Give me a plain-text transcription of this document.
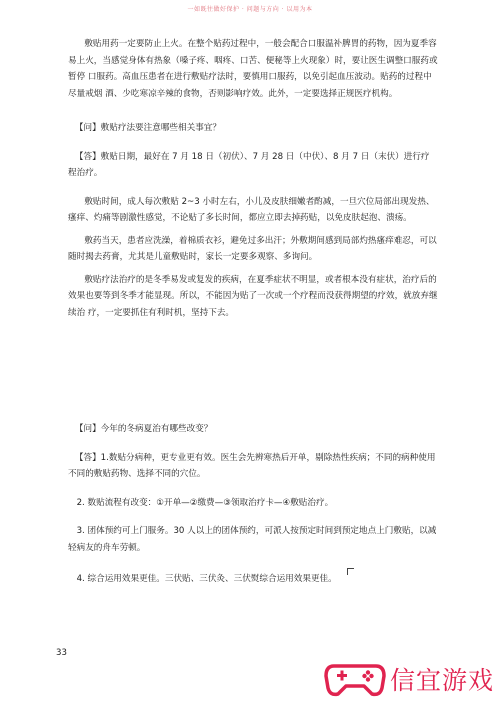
一如既往做好保护 · 问题与方向 · 以用为本

敷贴用药一定要防止上火。在整个贴药过程中，一般会配合口服温补脾胃的药物，因为夏季容易上火，当感觉身体有热象（嗓子疼、咽疼、口苦、便秘等上火现象）时，要让医生调整口服药或暂停 口服药。高血压患者在进行敷贴疗法时，要慎用口服药，以免引起血压波动。贴药的过程中尽量戒烟 酒、少吃寒凉辛辣的食物，否则影响疗效。此外，一定要选择正规医疗机构。

【问】敷贴疗法要注意哪些相关事宜？

【答】敷贴日期，最好在 7 月 18 日（初伏）、7 月 28 日（中伏）、8 月 7 日（末伏）进行疗程治疗。

敷贴时间，成人每次敷贴 2~3 小时左右，小儿及皮肤细嫩者酌减，一旦穴位局部出现发热、瘙痒、灼痛等剧激性感觉，不论贴了多长时间，都应立即去掉药贴，以免皮肤起泡、溃疡。

敷药当天，患者应洗澡，着棉质衣衫，避免过多出汗；外敷期间感到局部灼热瘙痒难忍，可以随时揭去药膏，尤其是儿童敷贴时，家长一定要多观察、多询问。

敷贴疗法治疗的是冬季易发或复发的疾病，在夏季症状不明显，或者根本没有症状，治疗后的效果也要等到冬季才能显现。所以，不能因为贴了一次或一个疗程而没获得期望的疗效，就放弃继续治 疗，一定要抓住有利时机，坚持下去。

【问】今年的冬病夏治有哪些改变？

【答】1.数贴分病种，更专业更有效。医生会先辨寒热后开单，剔除热性疾病；不同的病种使用不同的敷贴药物、选择不同的穴位。

2. 数贴流程有改变：①开单—②缴费—③领取治疗卡—④敷贴治疗。

3. 团体预约可上门服务。30 人以上的团体预约，可派人按预定时间到预定地点上门敷贴，以减轻病友的舟车劳顿。

4. 综合运用效果更佳。三伏贴、三伏灸、三伏熨综合运用效果更佳。

33
信宜游戏
